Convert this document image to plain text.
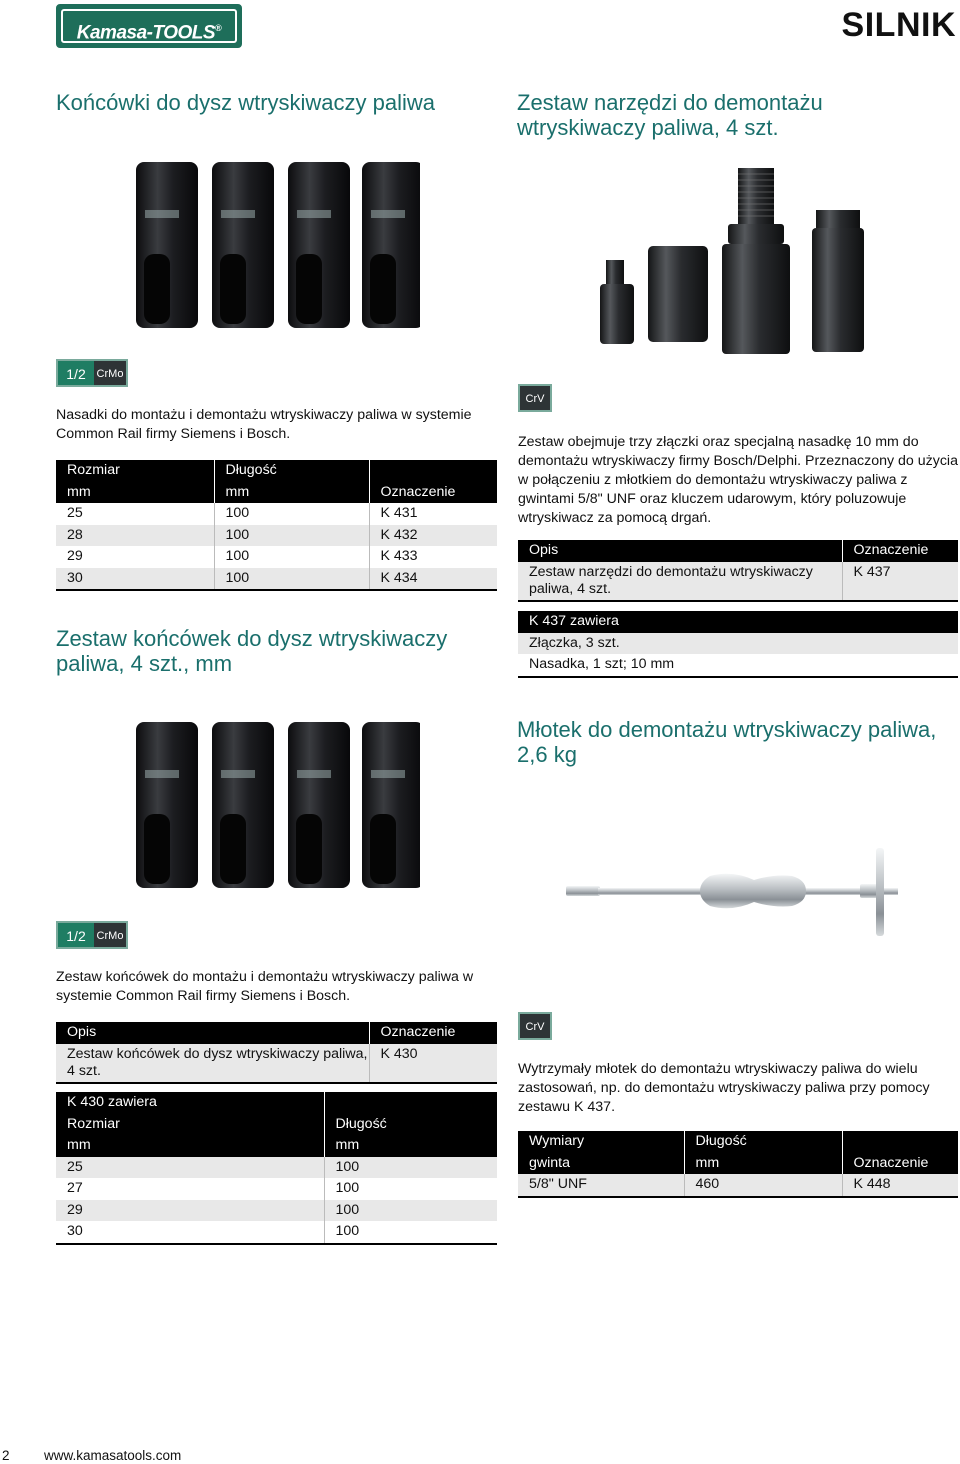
Kamasa-TOOLS®	SILNIK
Końcówki do dysz wtryskiwaczy paliwa
1/2 CrMo
Nasadki do montażu i demontażu wtryskiwaczy paliwa w systemie Common Rail firmy Siemens i Bosch.
Rozmiar	Długość	
mm	mm	Oznaczenie
25	100	K 431
28	100	K 432
29	100	K 433
30	100	K 434
Zestaw końcówek do dysz wtryskiwaczy paliwa, 4 szt., mm
1/2 CrMo
Zestaw końcówek do montażu i demontażu wtryskiwaczy paliwa w systemie Common Rail firmy Siemens i Bosch.
Opis	Oznaczenie
Zestaw końcówek do dysz wtryskiwaczy paliwa, 4 szt.	K 430
K 430 zawiera	
Rozmiar	Długość
mm	mm
25	100
27	100
29	100
30	100
Zestaw narzędzi do demontażu wtryskiwaczy paliwa, 4 szt.
CrV
Zestaw obejmuje trzy złączki oraz specjalną nasadkę 10 mm do demontażu wtryskiwaczy firmy Bosch/Delphi. Przeznaczony do użycia w połączeniu z młotkiem do demontażu wtryskiwaczy paliwa z gwintami 5/8" UNF oraz kluczem udarowym, który poluzowuje wtryskiwacz za pomocą drgań.
Opis	Oznaczenie
Zestaw narzędzi do demontażu wtryskiwaczy paliwa, 4 szt.	K 437
K 437 zawiera
Złączka, 3 szt.
Nasadka, 1 szt; 10 mm
Młotek do demontażu wtryskiwaczy paliwa, 2,6 kg
CrV
Wytrzymały młotek do demontażu wtryskiwaczy paliwa do wielu zastosowań, np. do demontażu wtryskiwaczy paliwa przy pomocy zestawu K 437.
Wymiary	Długość	
gwinta	mm	Oznaczenie
5/8" UNF	460	K 448
2	www.kamasatools.com
